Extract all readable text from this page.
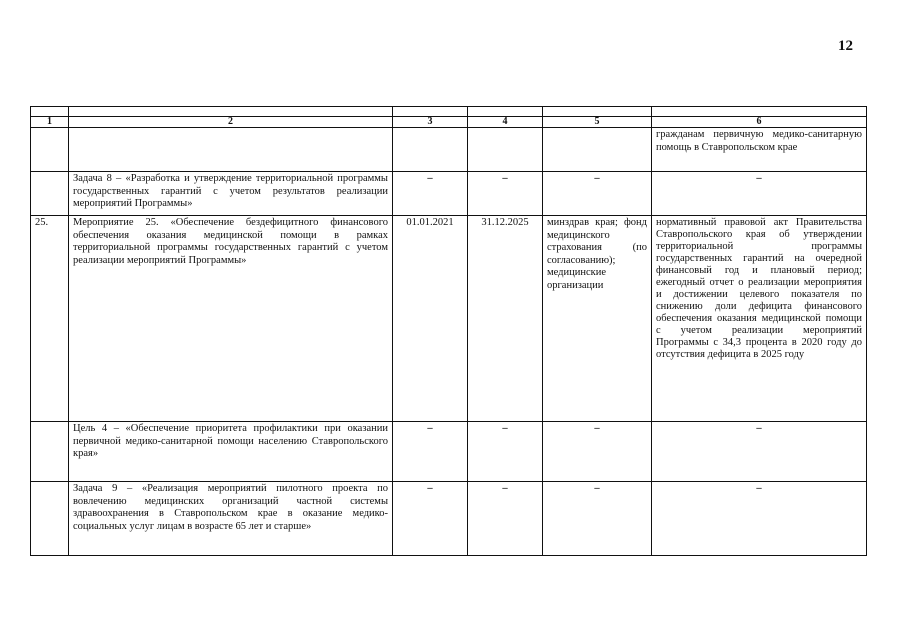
12

1	2	3	4	5	6
					гражданам первичную медико-санитарную помощь в Ставропольском крае
	Задача 8 – «Разработка и утверждение территориальной программы государственных гарантий с учетом результатов реализации мероприятий Программы»	–	–	–	–
25.	Мероприятие 25. «Обеспечение бездефицитного финансового обеспечения оказания медицинской помощи в рамках территориальной программы государственных гарантий с учетом реализации мероприятий Программы»	01.01.2021	31.12.2025	минздрав края; фонд медицинского страхования (по согласованию); медицинские организации	нормативный правовой акт Правительства Ставропольского края об утверждении территориальной программы государственных гарантий на очередной финансовый год и плановый период; ежегодный отчет о реализации мероприятия и достижении целевого показателя по снижению доли дефицита финансового обеспечения оказания медицинской помощи с учетом реализации мероприятий Программы с 34,3 процента в 2020 году до отсутствия дефицита в 2025 году
	Цель 4 – «Обеспечение приоритета профилактики при оказании первичной медико-санитарной помощи населению Ставропольского края»	–	–	–	–
	Задача 9 – «Реализация мероприятий пилотного проекта по вовлечению медицинских организаций частной системы здравоохранения в Ставропольском крае в оказание медико-социальных услуг лицам в возрасте 65 лет и старше»	–	–	–	–
